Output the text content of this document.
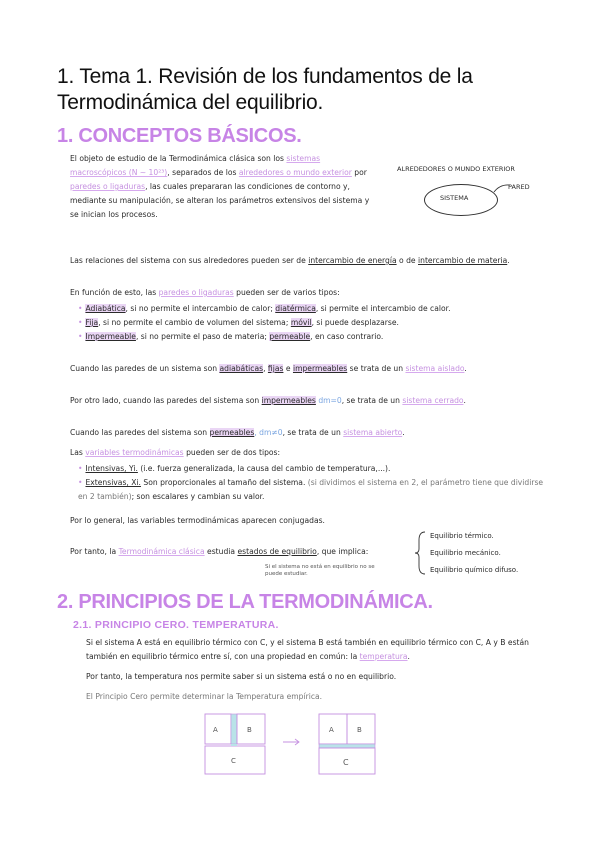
1. Tema 1. Revisión de los fundamentos de la Termodinámica del equilibrio.
1. CONCEPTOS BÁSICOS.
ALREDEDORES O MUNDO EXTERIOR
SISTEMA
PARED
El objeto de estudio de la Termodinámica clásica son los sistemas macroscópicos (N ~ 10²³), separados de los alrededores o mundo exterior por paredes o ligaduras, las cuales prepararan las condiciones de contorno y, mediante su manipulación, se alteran los parámetros extensivos del sistema y se inician los procesos.
Las relaciones del sistema con sus alrededores pueden ser de intercambio de energía o de intercambio de materia.
En función de esto, las paredes o ligaduras pueden ser de varios tipos:

• Adiabática, si no permite el intercambio de calor; diatérmica, si permite el intercambio de calor.

• Fija, si no permite el cambio de volumen del sistema; móvil, si puede desplazarse.

• Impermeable, si no permite el paso de materia; permeable, en caso contrario.

Cuando las paredes de un sistema son adiabáticas, fijas e impermeables se trata de un sistema aislado.
Por otro lado, cuando las paredes del sistema son impermeables dm=0, se trata de un sistema cerrado.
Cuando las paredes del sistema son permeables, dm≠0, se trata de un sistema abierto.
Las variables termodinámicas pueden ser de dos tipos:

• Intensivas, Yi. (i.e. fuerza generalizada, la causa del cambio de temperatura,...).

• Extensivas, Xi. Son proporcionales al tamaño del sistema. (si dividimos el sistema en 2, el parámetro tiene que dividirse en 2 también); son escalares y cambian su valor.

Por lo general, las variables termodinámicas aparecen conjugadas.
Por tanto, la Termodinámica clásica estudia estados de equilibrio, que implica:
Si el sistema no está en equilibrio no se puede estudiar.

Equilibrio térmico.

Equilibrio mecánico.

Equilibrio químico difuso.

2. PRINCIPIOS DE LA TERMODINÁMICA.
2.1. PRINCIPIO CERO. TEMPERATURA.
Si el sistema A está en equilibrio térmico con C, y el sistema B está también en equilibrio térmico con C, A y B están también en equilibrio térmico entre sí, con una propiedad en común: la temperatura.
Por tanto, la temperatura nos permite saber si un sistema está o no en equilibrio.
El Principio Cero permite determinar la Temperatura empírica.
A	B
C
A	B
C
